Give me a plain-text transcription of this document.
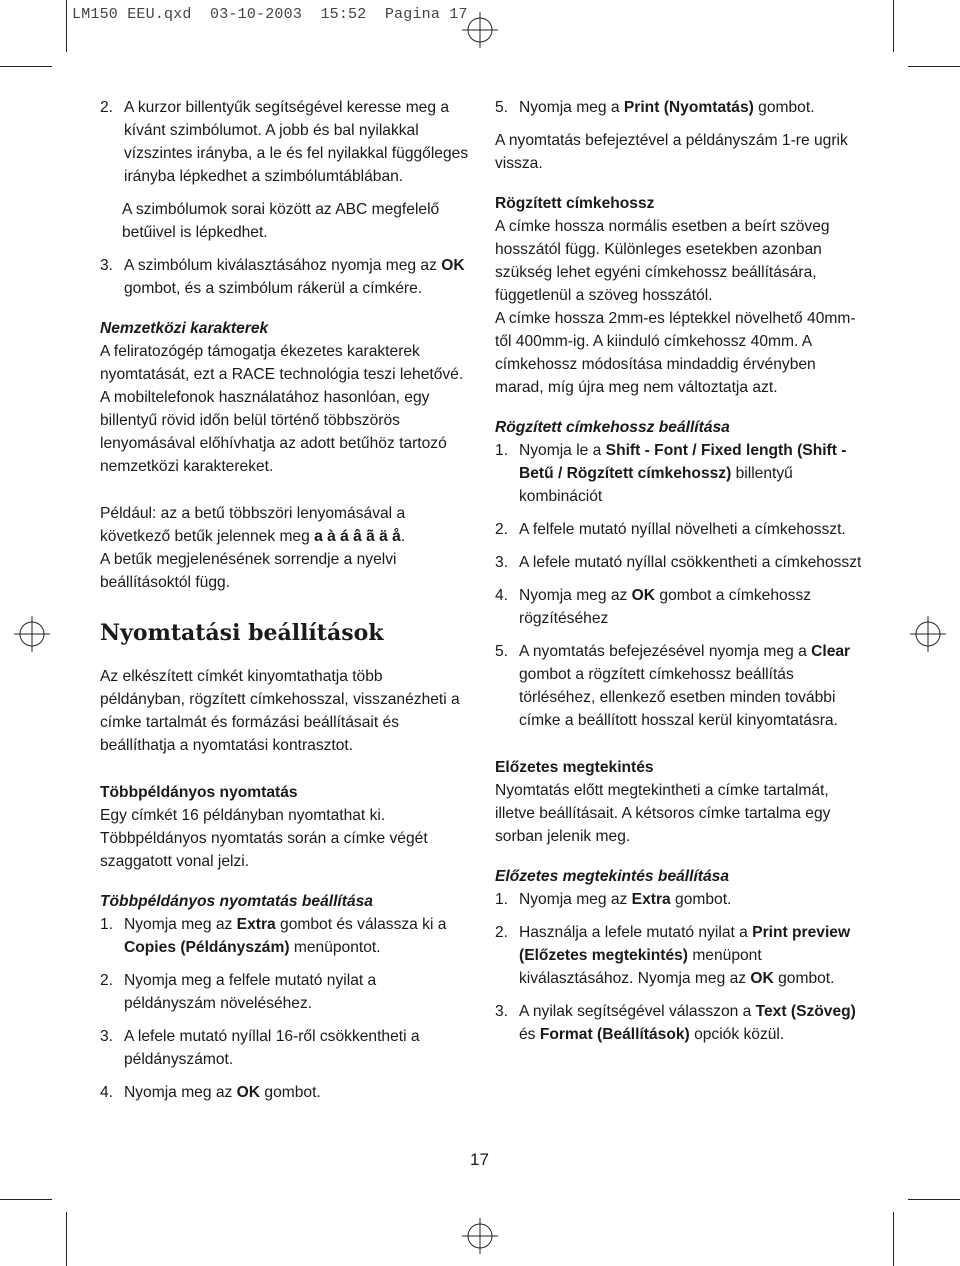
LM150 EEU.qxd  03-10-2003  15:52  Pagina 17
2. A kurzor billentyűk segítségével keresse meg a kívánt szimbólumot. A jobb és bal nyilakkal vízszintes irányba, a le és fel nyilakkal függőleges irányba lépkedhet a szimbólumtáblában.

A szimbólumok sorai között az ABC megfelelő betűivel is lépkedhet.

3. A szimbólum kiválasztásához nyomja meg az OK gombot, és a szimbólum rákerül a címkére.

Nemzetközi karakterek

A feliratozógép támogatja ékezetes karakterek nyomtatását, ezt a RACE technológia teszi lehetővé. A mobiltelefonok használatához hasonlóan, egy billentyű rövid időn belül történő többszörös lenyomásával előhívhatja az adott betűhöz tartozó nemzetközi karaktereket.

Például: az a betű többszöri lenyomásával a következő betűk jelennek meg a à á â ã ä å.

A betűk megjelenésének sorrendje a nyelvi beállításoktól függ.

Nyomtatási beállítások

Az elkészített címkét kinyomtathatja több példányban, rögzített címkehosszal, visszanézheti a címke tartalmát és formázási beállításait és beállíthatja a nyomtatási kontrasztot.

Többpéldányos nyomtatás

Egy címkét 16 példányban nyomtathat ki. Többpéldányos nyomtatás során a címke végét szaggatott vonal jelzi.

Többpéldányos nyomtatás beállítása

1. Nyomja meg az Extra gombot és válassza ki a Copies (Példányszám) menüpontot.
2. Nyomja meg a felfele mutató nyilat a példányszám növeléséhez.
3. A lefele mutató nyíllal 16-ről csökkentheti a példányszámot.
4. Nyomja meg az OK gombot.
5. Nyomja meg a Print (Nyomtatás) gombot.

A nyomtatás befejeztével a példányszám 1-re ugrik vissza.

Rögzített címkehossz

A címke hossza normális esetben a beírt szöveg hosszától függ. Különleges esetekben azonban szükség lehet egyéni címkehossz beállítására, függetlenül a szöveg hosszától.

A címke hossza 2mm-es léptekkel növelhető 40mm-től 400mm-ig. A kiinduló címkehossz 40mm. A címkehossz módosítása mindaddig érvényben marad, míg újra meg nem változtatja azt.

Rögzített címkehossz beállítása

1. Nyomja le a Shift - Font / Fixed length (Shift - Betű / Rögzített címkehossz) billentyű kombinációt
2. A felfele mutató nyíllal növelheti a címkehosszt.
3. A lefele mutató nyíllal csökkentheti a címkehosszt
4. Nyomja meg az OK gombot a címkehossz rögzítéséhez
5. A nyomtatás befejezésével nyomja meg a Clear gombot a rögzített címkehossz beállítás törléséhez, ellenkező esetben minden további címke a beállított hosszal kerül kinyomtatásra.

Előzetes megtekintés

Nyomtatás előtt megtekintheti a címke tartalmát, illetve beállításait. A kétsoros címke tartalma egy sorban jelenik meg.

Előzetes megtekintés beállítása

1. Nyomja meg az Extra gombot.
2. Használja a lefele mutató nyilat a Print preview (Előzetes megtekintés) menüpont kiválasztásához. Nyomja meg az OK gombot.
3. A nyilak segítségével válasszon a Text (Szöveg) és Format (Beállítások) opciók közül.
17
